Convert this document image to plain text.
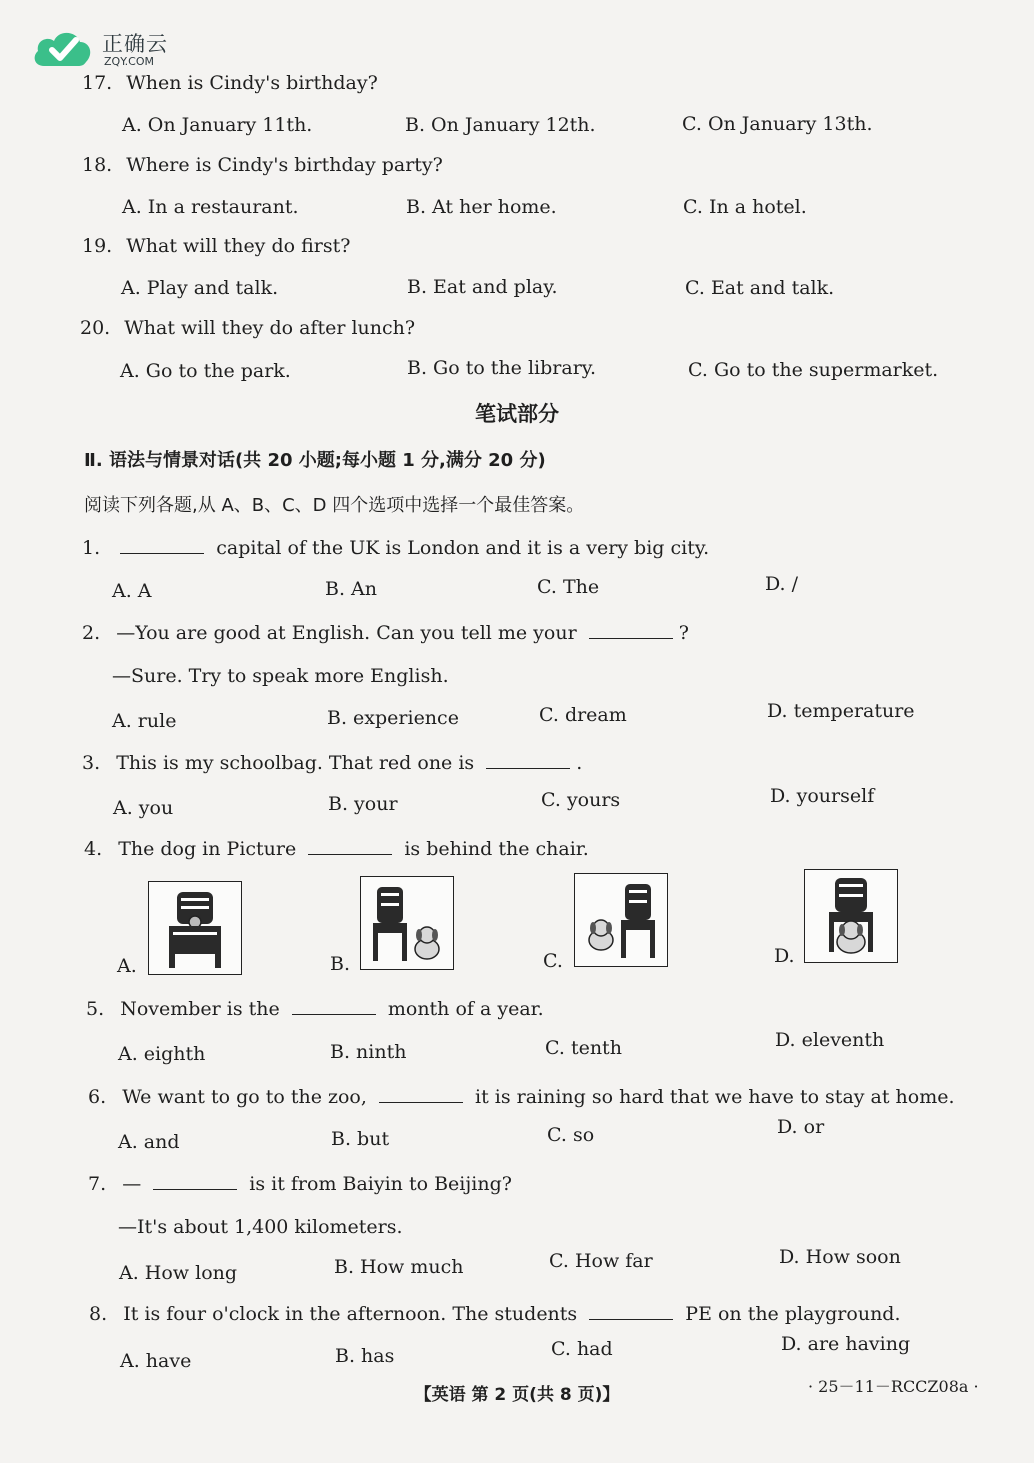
正确云
ZQY.COM
17. When is Cindy's birthday?
A. On January 11th.	B. On January 12th.	C. On January 13th.
18. Where is Cindy's birthday party?
A. In a restaurant.	B. At her home.	C. In a hotel.
19. What will they do first?
A. Play and talk.	B. Eat and play.	C. Eat and talk.
20. What will they do after lunch?
A. Go to the park.	B. Go to the library.	C. Go to the supermarket.
笔试部分
Ⅱ. 语法与情景对话(共 20 小题;每小题 1 分,满分 20 分)
阅读下列各题,从 A、B、C、D 四个选项中选择一个最佳答案。
1.	capital of the UK is London and it is a very big city.
A. A	B. An	C. The	D. /
2. —You are good at English. Can you tell me your	?
—Sure. Try to speak more English.
A. rule	B. experience	C. dream	D. temperature
3. This is my schoolbag. That red one is	.
A. you	B. your	C. yours	D. yourself
4. The dog in Picture	is behind the chair.
A.	B.	C.	D.
5. November is the	month of a year.
A. eighth	B. ninth	C. tenth	D. eleventh
6. We want to go to the zoo,	it is raining so hard that we have to stay at home.
A. and	B. but	C. so	D. or
7. —	is it from Baiyin to Beijing?
—It's about 1,400 kilometers.
A. How long	B. How much	C. How far	D. How soon
8. It is four o'clock in the afternoon. The students	PE on the playground.
A. have	B. has	C. had	D. are having
【英语 第 2 页(共 8 页)】	· 25－11－RCCZ08a ·
